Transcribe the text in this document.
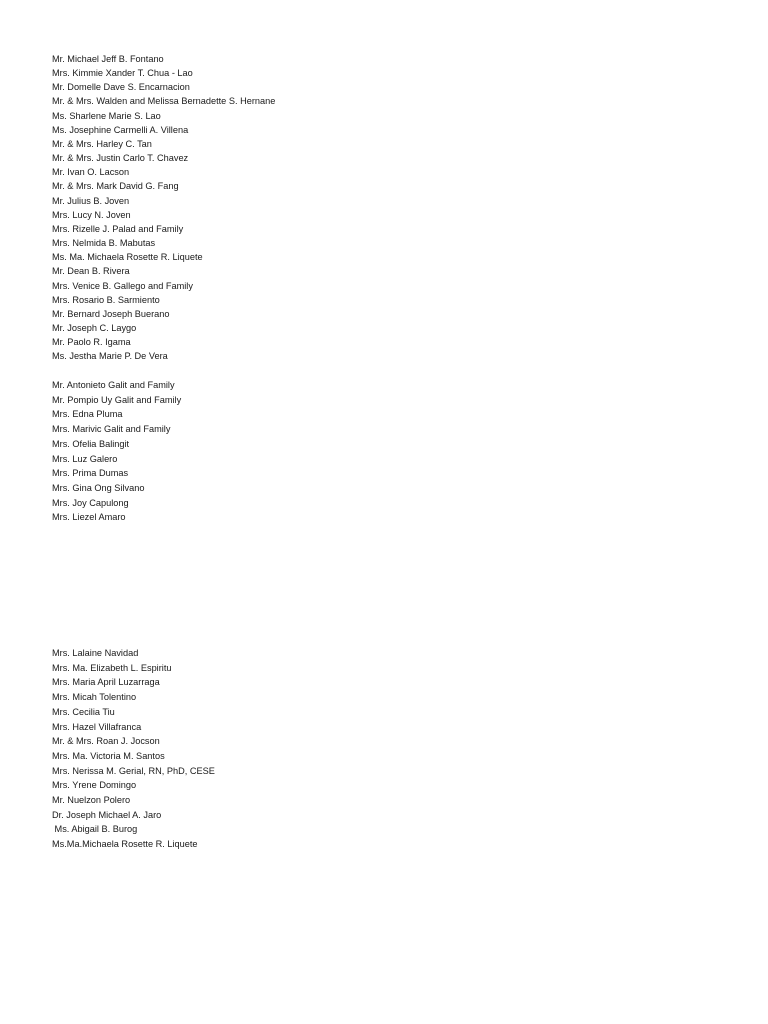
Mr. Michael Jeff B. Fontano
Mrs. Kimmie Xander T. Chua - Lao
Mr. Domelle Dave S. Encarnacion
Mr. & Mrs. Walden and Melissa Bernadette S. Hernane
Ms. Sharlene Marie S. Lao
Ms. Josephine Carmelli A. Villena
Mr. & Mrs. Harley C. Tan
Mr. & Mrs. Justin Carlo T. Chavez
Mr. Ivan O. Lacson
Mr. & Mrs. Mark David G. Fang
Mr. Julius B. Joven
Mrs. Lucy N. Joven
Mrs. Rizelle J. Palad and Family
Mrs. Nelmida B. Mabutas
Ms. Ma. Michaela Rosette R. Liquete
Mr. Dean B. Rivera
Mrs. Venice B. Gallego and Family
Mrs. Rosario B. Sarmiento
Mr. Bernard Joseph Buerano
Mr. Joseph C. Laygo
Mr. Paolo R. Igama
Ms. Jestha Marie P. De Vera
Mr. Antonieto Galit and Family
Mr. Pompio Uy Galit and Family
Mrs. Edna Pluma
Mrs. Marivic Galit and Family
Mrs. Ofelia Balingit
Mrs. Luz Galero
Mrs. Prima Dumas
Mrs. Gina Ong Silvano
Mrs. Joy Capulong
Mrs. Liezel Amaro
Mrs. Lalaine Navidad
Mrs. Ma. Elizabeth L. Espiritu
Mrs. Maria April Luzarraga
Mrs. Micah Tolentino
Mrs. Cecilia Tiu
Mrs. Hazel Villafranca
Mr. & Mrs. Roan J. Jocson
Mrs. Ma. Victoria M. Santos
Mrs. Nerissa M. Gerial, RN, PhD, CESE
Mrs. Yrene Domingo
Mr. Nuelzon Polero
Dr. Joseph Michael A. Jaro
Ms. Abigail B. Burog
Ms.Ma.Michaela Rosette R. Liquete
